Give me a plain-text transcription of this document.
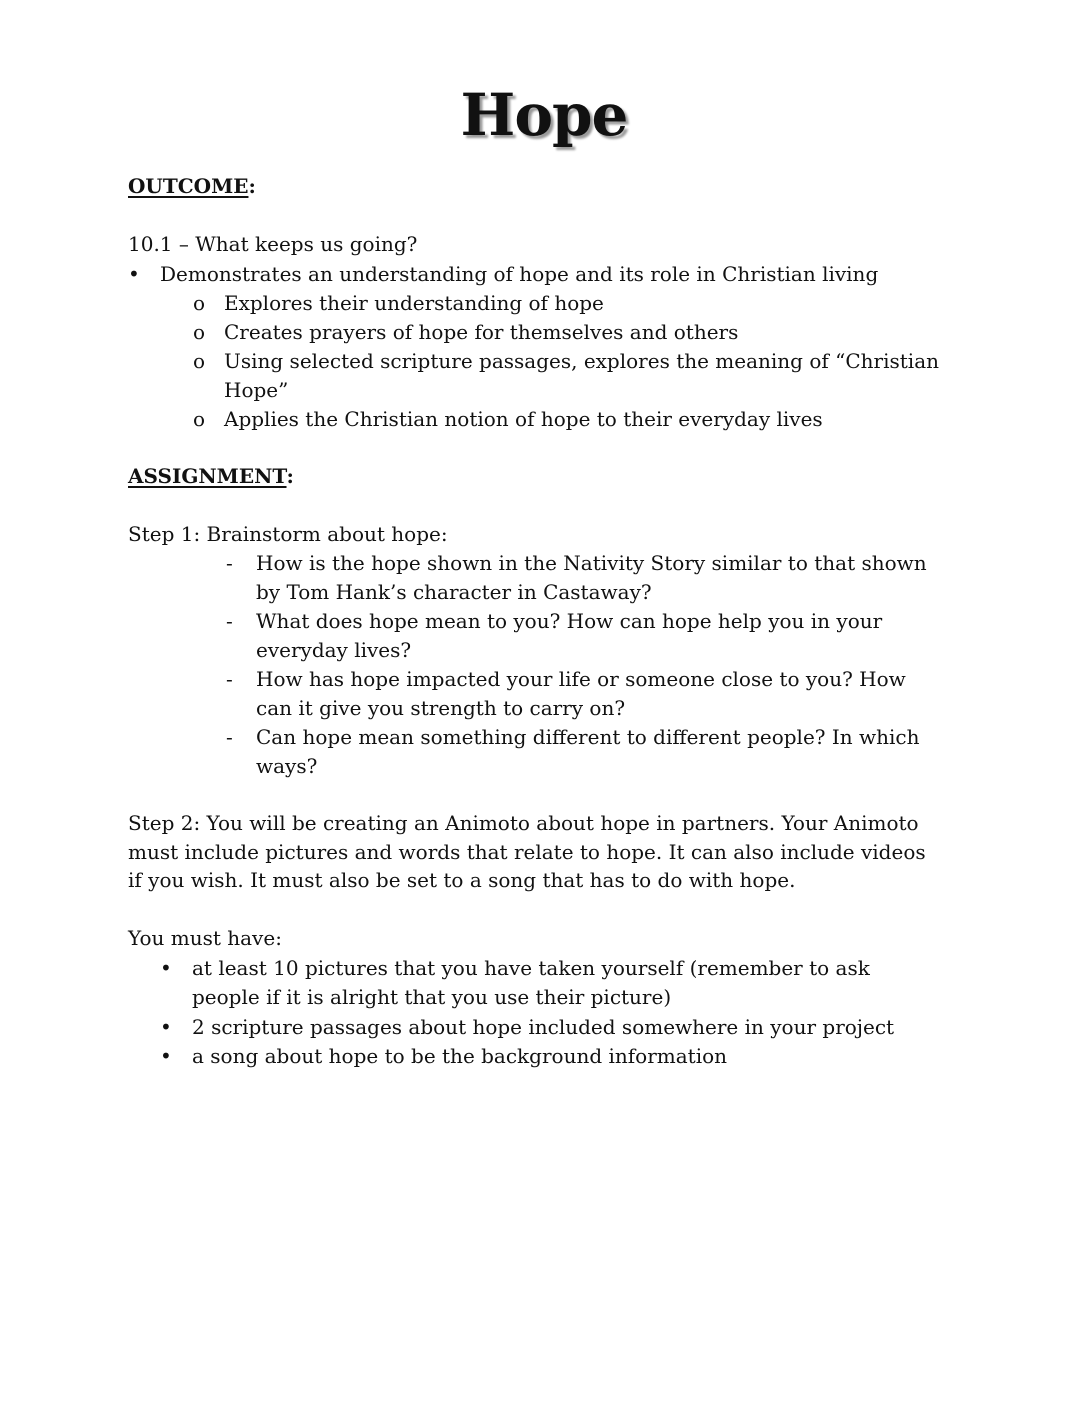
Hope
OUTCOME:
10.1 – What keeps us going?
• Demonstrates an understanding of hope and its role in Christian living
o Explores their understanding of hope
o Creates prayers of hope for themselves and others
o Using selected scripture passages, explores the meaning of “Christian
Hope”
o Applies the Christian notion of hope to their everyday lives
ASSIGNMENT:
Step 1: Brainstorm about hope:
- How is the hope shown in the Nativity Story similar to that shown
by Tom Hank’s character in Castaway?
- What does hope mean to you? How can hope help you in your
everyday lives?
- How has hope impacted your life or someone close to you? How
can it give you strength to carry on?
- Can hope mean something different to different people? In which
ways?
Step 2: You will be creating an Animoto about hope in partners. Your Animoto
must include pictures and words that relate to hope. It can also include videos
if you wish. It must also be set to a song that has to do with hope.
You must have:
• at least 10 pictures that you have taken yourself (remember to ask
people if it is alright that you use their picture)
• 2 scripture passages about hope included somewhere in your project
• a song about hope to be the background information
